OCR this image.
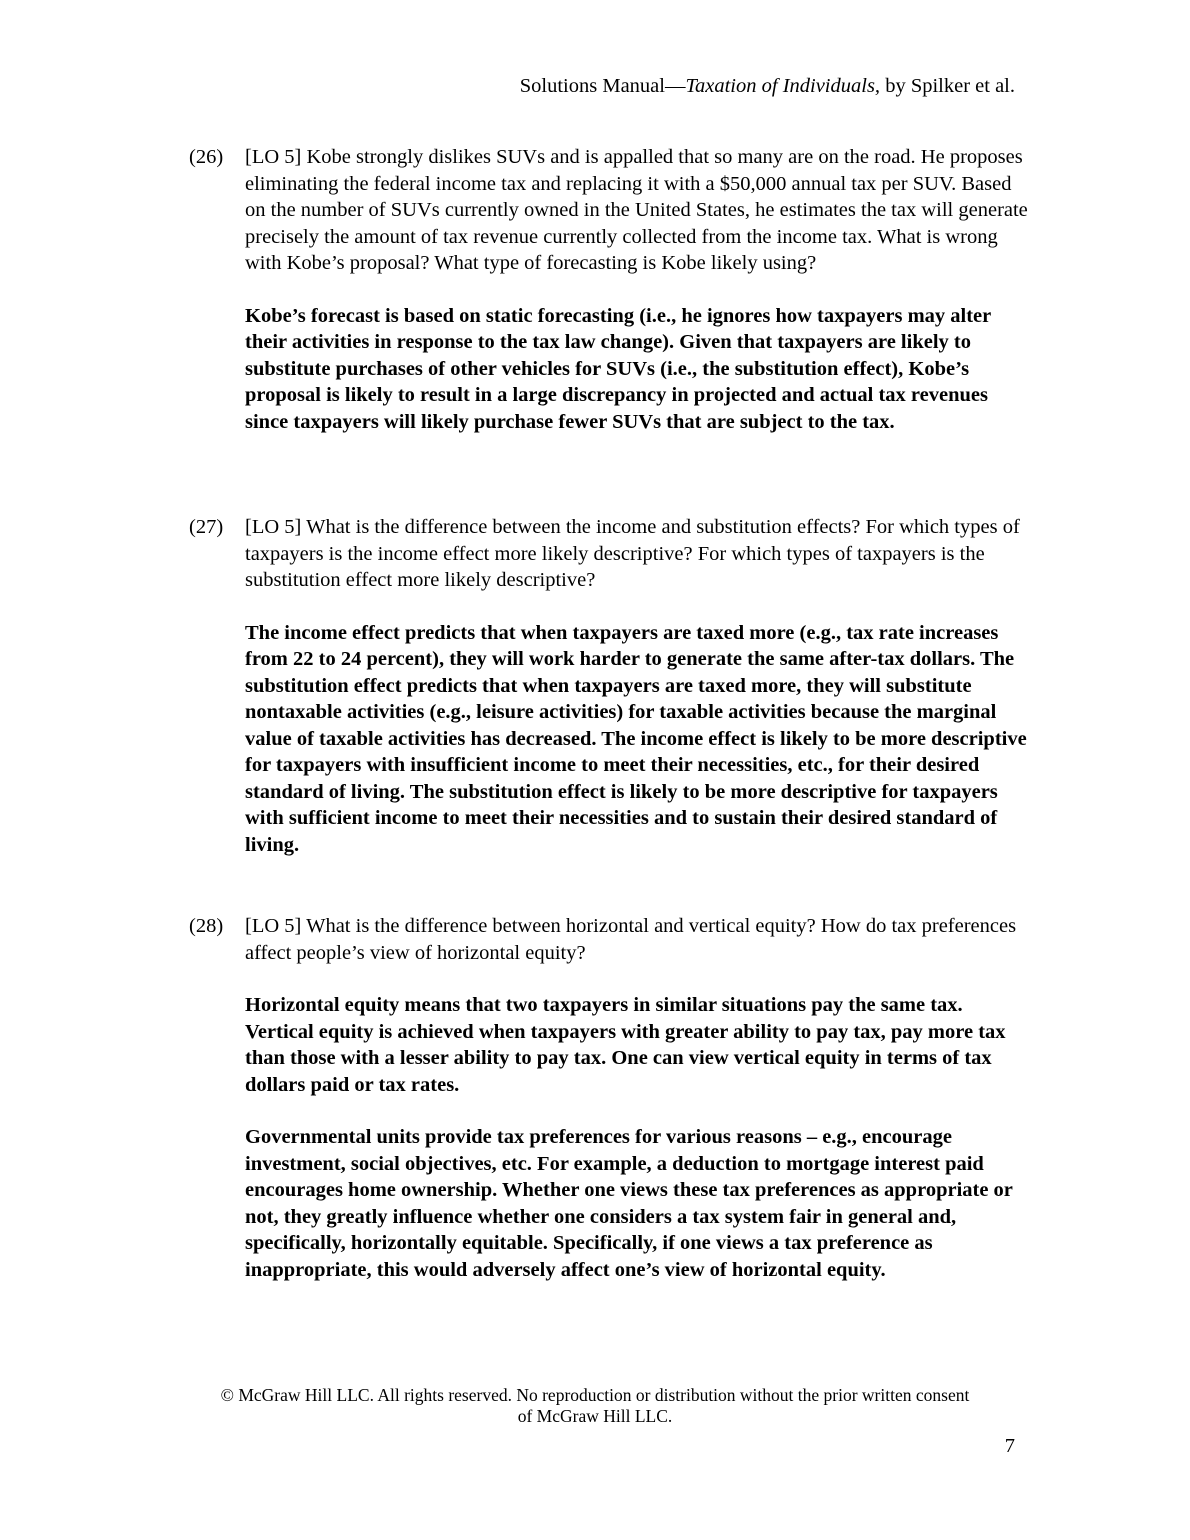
Solutions Manual—Taxation of Individuals, by Spilker et al.
(26) [LO 5] Kobe strongly dislikes SUVs and is appalled that so many are on the road. He proposes eliminating the federal income tax and replacing it with a $50,000 annual tax per SUV. Based on the number of SUVs currently owned in the United States, he estimates the tax will generate precisely the amount of tax revenue currently collected from the income tax. What is wrong with Kobe’s proposal? What type of forecasting is Kobe likely using?

Kobe’s forecast is based on static forecasting (i.e., he ignores how taxpayers may alter their activities in response to the tax law change). Given that taxpayers are likely to substitute purchases of other vehicles for SUVs (i.e., the substitution effect), Kobe’s proposal is likely to result in a large discrepancy in projected and actual tax revenues since taxpayers will likely purchase fewer SUVs that are subject to the tax.

(27) [LO 5] What is the difference between the income and substitution effects? For which types of taxpayers is the income effect more likely descriptive? For which types of taxpayers is the substitution effect more likely descriptive?

The income effect predicts that when taxpayers are taxed more (e.g., tax rate increases from 22 to 24 percent), they will work harder to generate the same after-tax dollars. The substitution effect predicts that when taxpayers are taxed more, they will substitute nontaxable activities (e.g., leisure activities) for taxable activities because the marginal value of taxable activities has decreased. The income effect is likely to be more descriptive for taxpayers with insufficient income to meet their necessities, etc., for their desired standard of living. The substitution effect is likely to be more descriptive for taxpayers with sufficient income to meet their necessities and to sustain their desired standard of living.

(28) [LO 5] What is the difference between horizontal and vertical equity? How do tax preferences affect people’s view of horizontal equity?

Horizontal equity means that two taxpayers in similar situations pay the same tax. Vertical equity is achieved when taxpayers with greater ability to pay tax, pay more tax than those with a lesser ability to pay tax. One can view vertical equity in terms of tax dollars paid or tax rates.

Governmental units provide tax preferences for various reasons – e.g., encourage investment, social objectives, etc. For example, a deduction to mortgage interest paid encourages home ownership. Whether one views these tax preferences as appropriate or not, they greatly influence whether one considers a tax system fair in general and, specifically, horizontally equitable. Specifically, if one views a tax preference as inappropriate, this would adversely affect one’s view of horizontal equity.

© McGraw Hill LLC. All rights reserved. No reproduction or distribution without the prior written consent
of McGraw Hill LLC.
7
